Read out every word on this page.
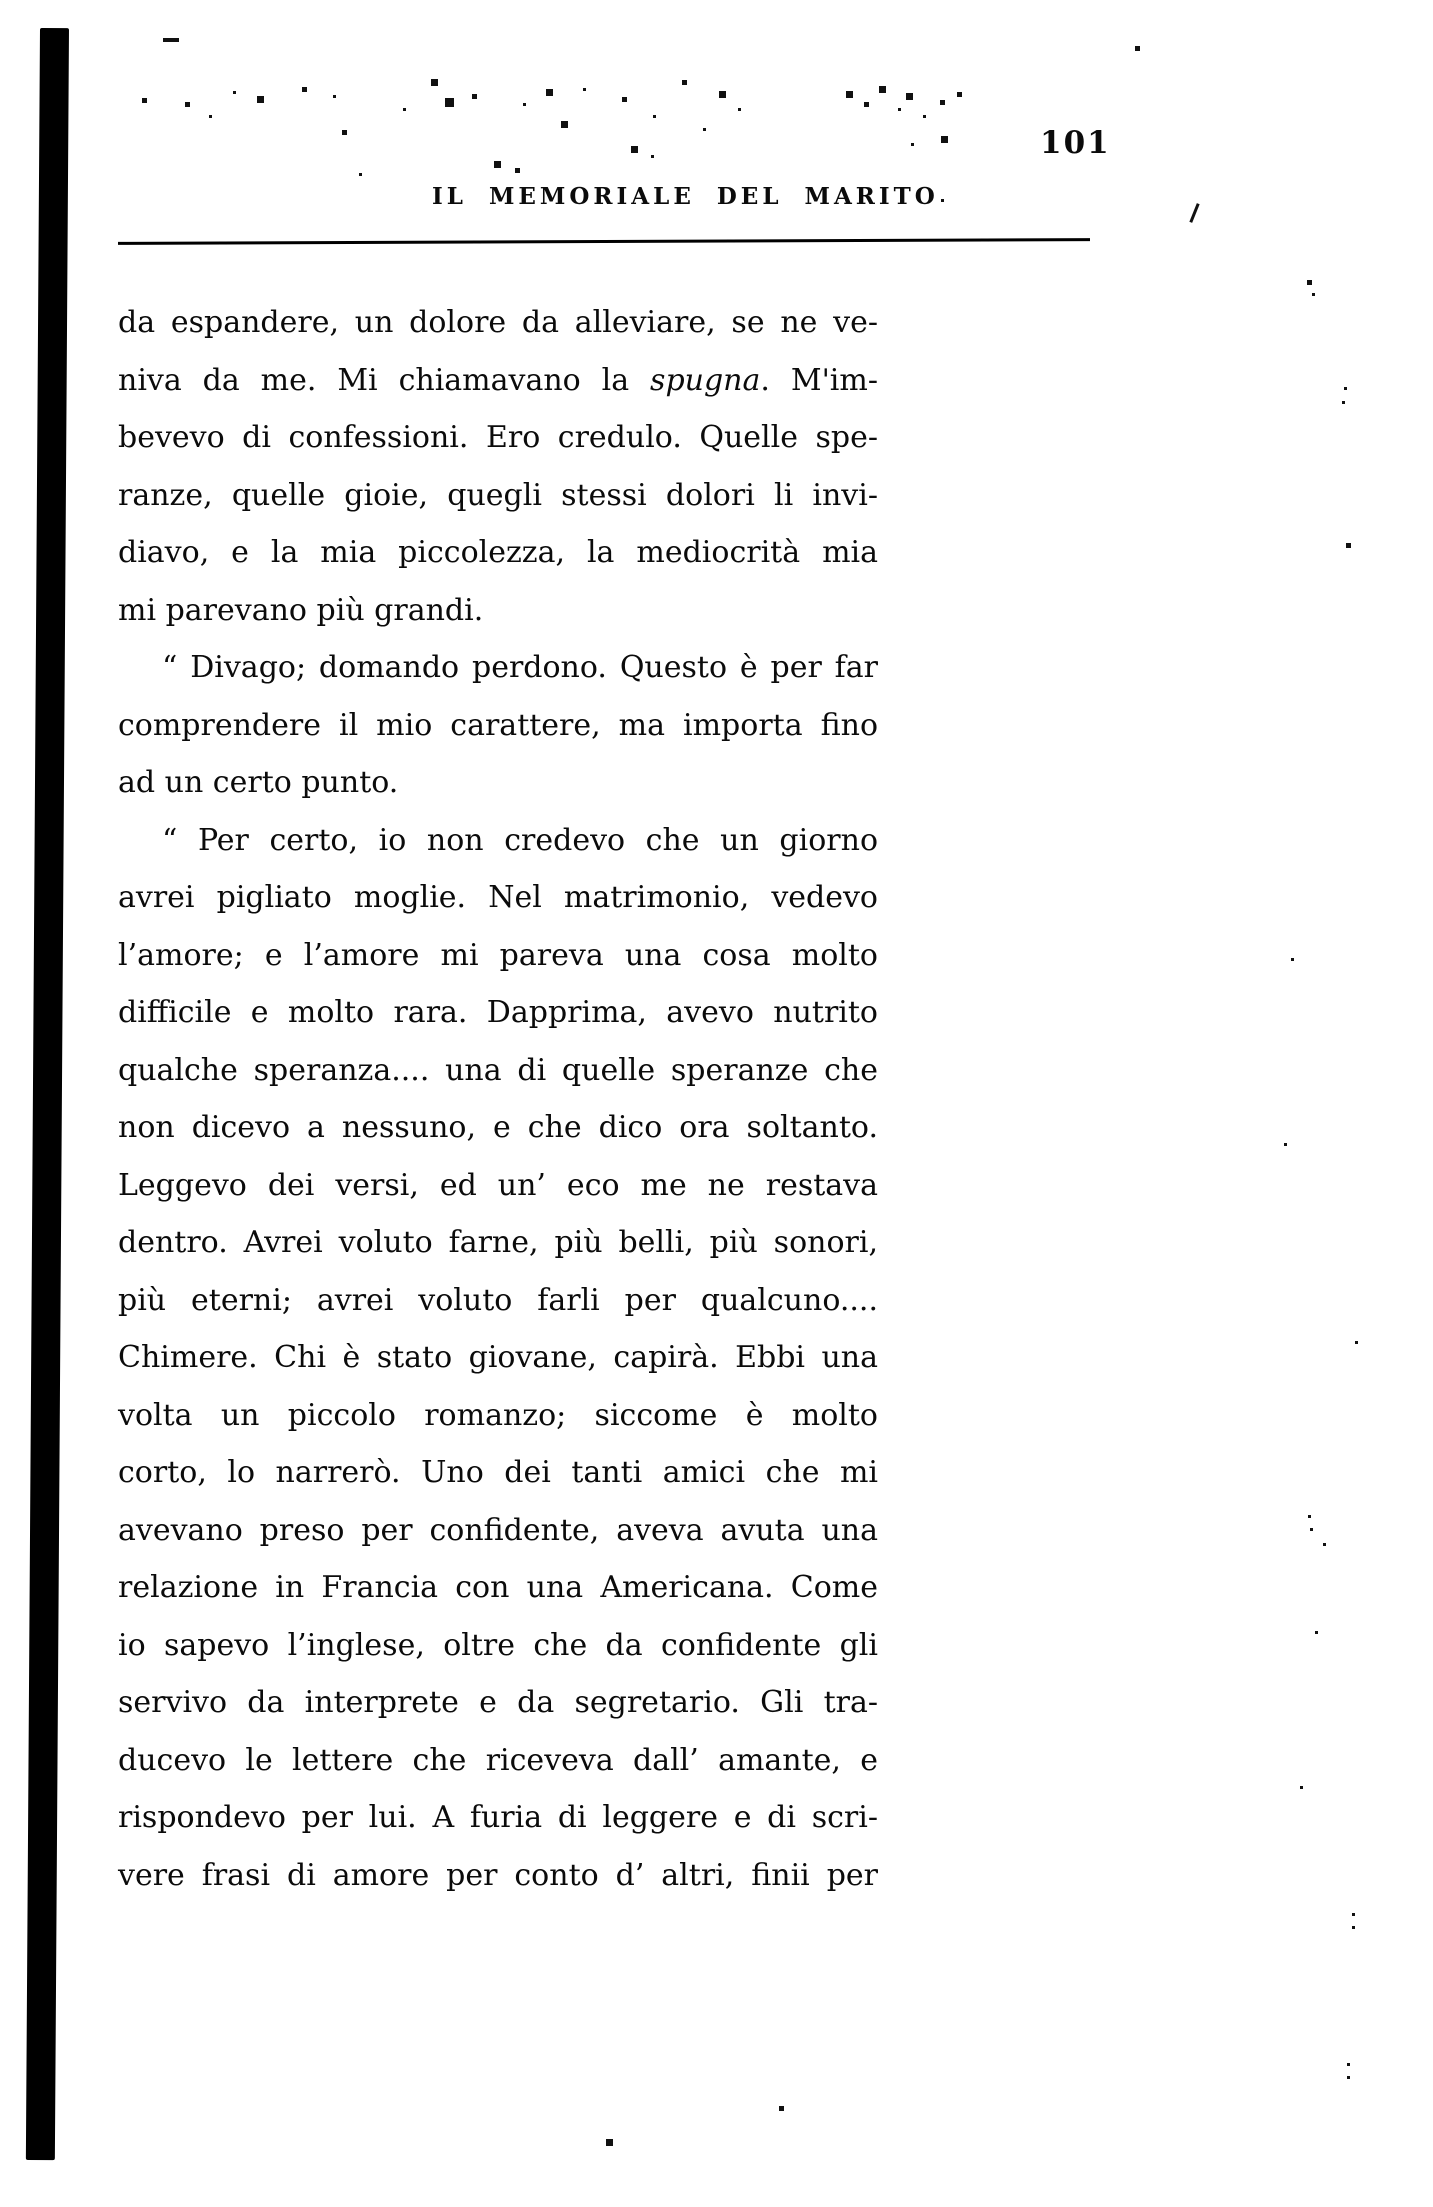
IL MEMORIALE DEL MARITO
101
da espandere, un dolore da alleviare, se ne ve-
niva da me. Mi chiamavano la spugna. M'im-
bevevo di confessioni. Ero credulo. Quelle spe-
ranze, quelle gioie, quegli stessi dolori li invi-
diavo, e la mia piccolezza, la mediocrità mia
mi parevano più grandi.
“ Divago; domando perdono. Questo è per far
comprendere il mio carattere, ma importa fino
ad un certo punto.
“ Per certo, io non credevo che un giorno
avrei pigliato moglie. Nel matrimonio, vedevo
l’amore; e l’amore mi pareva una cosa molto
difficile e molto rara. Dapprima, avevo nutrito
qualche speranza.... una di quelle speranze che
non dicevo a nessuno, e che dico ora soltanto.
Leggevo dei versi, ed un’ eco me ne restava
dentro. Avrei voluto farne, più belli, più sonori,
più eterni; avrei voluto farli per qualcuno....
Chimere. Chi è stato giovane, capirà. Ebbi una
volta un piccolo romanzo; siccome è molto
corto, lo narrerò. Uno dei tanti amici che mi
avevano preso per confidente, aveva avuta una
relazione in Francia con una Americana. Come
io sapevo l’inglese, oltre che da confidente gli
servivo da interprete e da segretario. Gli tra-
ducevo le lettere che riceveva dall’ amante, e
rispondevo per lui. A furia di leggere e di scri-
vere frasi di amore per conto d’ altri, finii per
